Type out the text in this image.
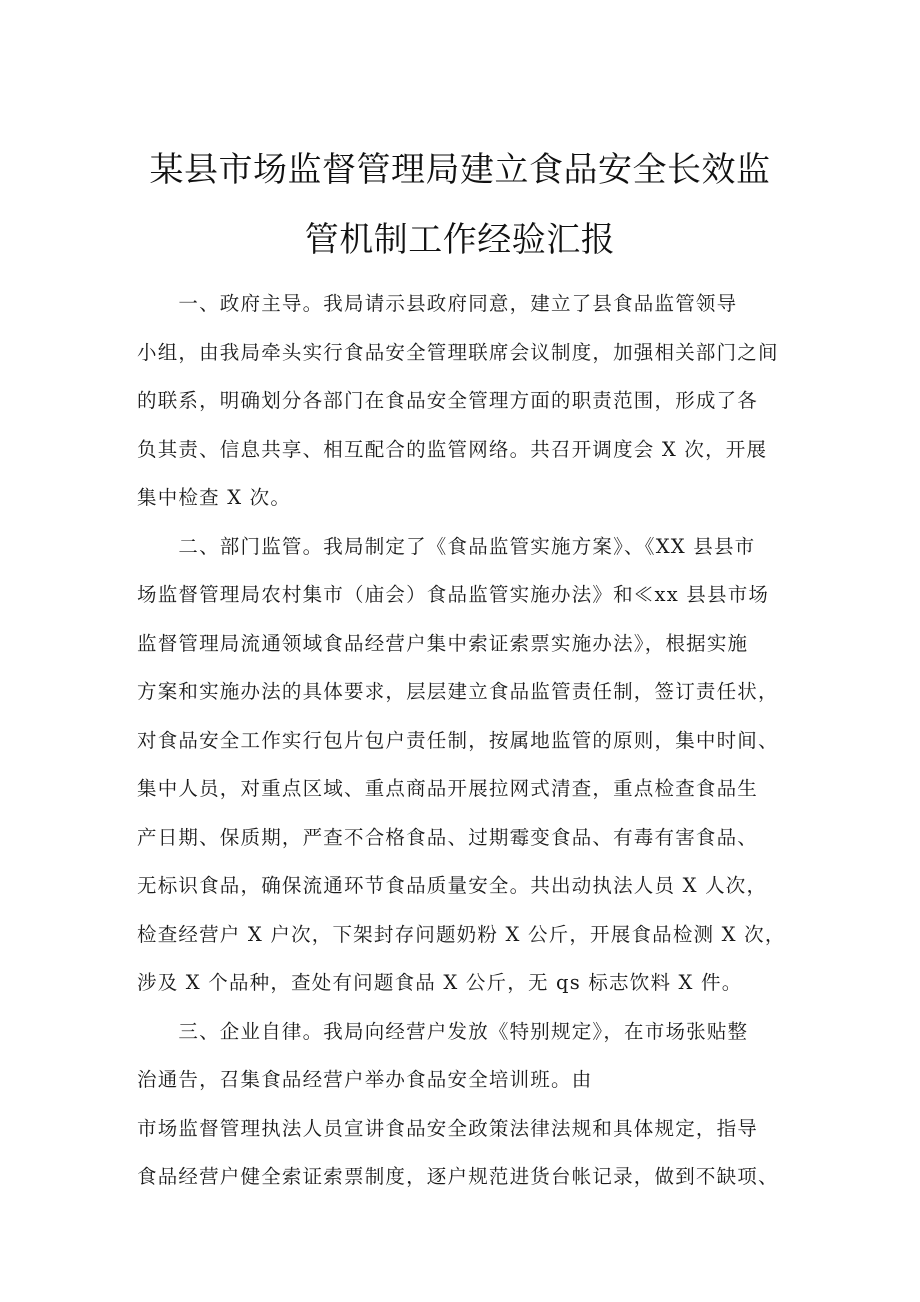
某县市场监督管理局建立食品安全长效监
管机制工作经验汇报
　　一、政府主导。我局请示县政府同意，建立了县食品监管领导
小组，由我局牵头实行食品安全管理联席会议制度，加强相关部门之间
的联系，明确划分各部门在食品安全管理方面的职责范围，形成了各
负其责、信息共享、相互配合的监管网络。共召开调度会 X 次，开展
集中检查 X 次。
　　二、部门监管。我局制定了《食品监管实施方案》、《XX 县县市
场监督管理局农村集市（庙会）食品监管实施办法》和≪xx 县县市场
监督管理局流通领域食品经营户集中索证索票实施办法》，根据实施
方案和实施办法的具体要求，层层建立食品监管责任制，签订责任状，
对食品安全工作实行包片包户责任制，按属地监管的原则，集中时间、
集中人员，对重点区域、重点商品开展拉网式清查，重点检查食品生
产日期、保质期，严查不合格食品、过期霉变食品、有毒有害食品、
无标识食品，确保流通环节食品质量安全。共出动执法人员 X 人次，
检查经营户 X 户次，下架封存问题奶粉 X 公斤，开展食品检测 X 次，
涉及 X 个品种，查处有问题食品 X 公斤，无 qs 标志饮料 X 件。
　　三、企业自律。我局向经营户发放《特别规定》，在市场张贴整
治通告，召集食品经营户举办食品安全培训班。由
市场监督管理执法人员宣讲食品安全政策法律法规和具体规定，指导
食品经营户健全索证索票制度，逐户规范进货台帐记录，做到不缺项、
